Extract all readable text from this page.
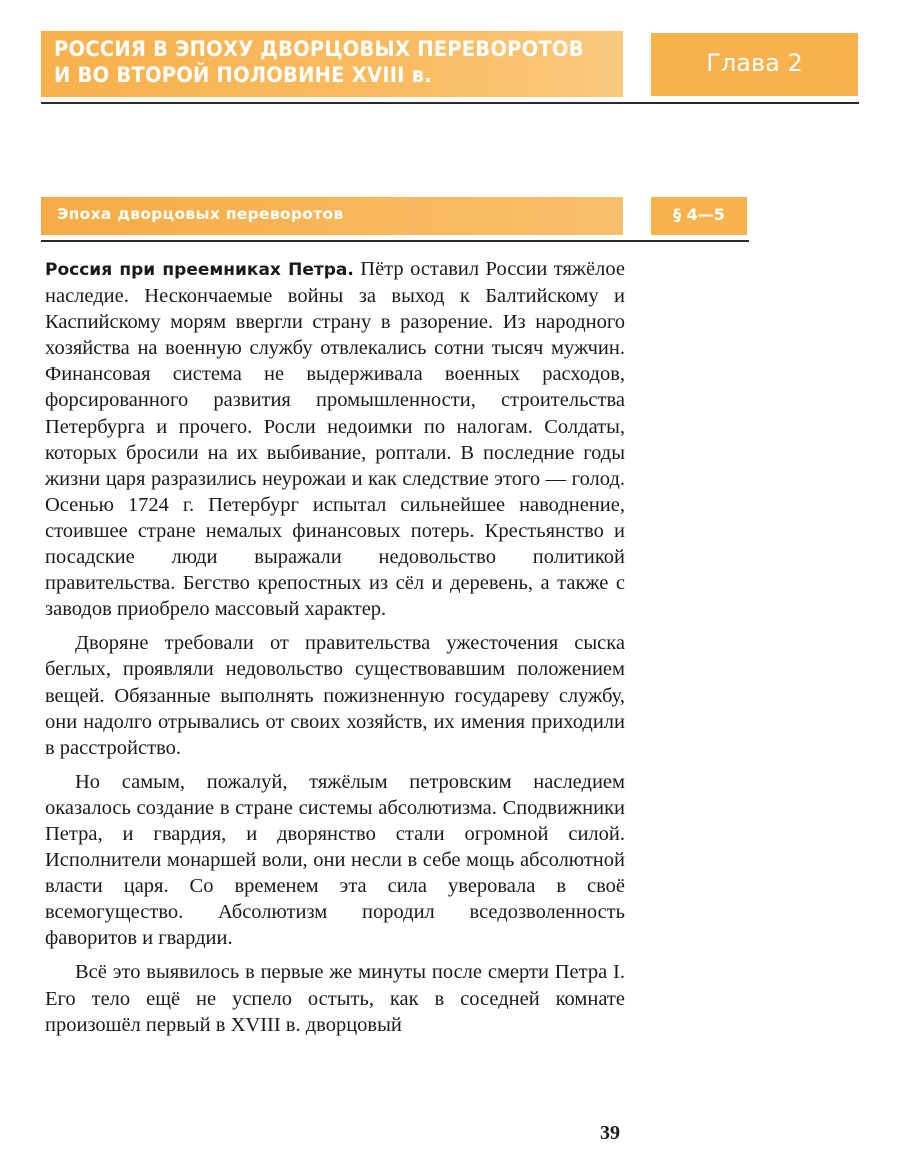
РОССИЯ В ЭПОХУ ДВОРЦОВЫХ ПЕРЕВОРОТОВ
И ВО ВТОРОЙ ПОЛОВИНЕ XVIII в.	Глава 2
Эпоха дворцовых переворотов	§ 4—5

Россия при преемниках Петра. Пётр оставил России тяжёлое наследие. Нескончаемые войны за выход к Балтийскому и Каспийскому морям ввергли страну в разорение. Из народного хозяйства на военную службу отвлекались сотни тысяч мужчин. Финансовая система не выдерживала военных расходов, форсированного развития промышленности, строительства Петербурга и прочего. Росли недоимки по налогам. Солдаты, которых бросили на их выбивание, роптали. В последние годы жизни царя разразились неурожаи и как следствие этого — голод. Осенью 1724 г. Петербург испытал сильнейшее наводнение, стоившее стране немалых финансовых потерь. Крестьянство и посадские люди выражали недовольство политикой правительства. Бегство крепостных из сёл и деревень, а также с заводов приобрело массовый характер.

Дворяне требовали от правительства ужесточения сыска беглых, проявляли недовольство существовавшим положением вещей. Обязанные выполнять пожизненную государеву службу, они надолго отрывались от своих хозяйств, их имения приходили в расстройство.

Но самым, пожалуй, тяжёлым петровским наследием оказалось создание в стране системы абсолютизма. Сподвижники Петра, и гвардия, и дворянство стали огромной силой. Исполнители монаршей воли, они несли в себе мощь абсолютной власти царя. Со временем эта сила уверовала в своё всемогущество. Абсолютизм породил вседозволенность фаворитов и гвардии.

Всё это выявилось в первые же минуты после смерти Петра I. Его тело ещё не успело остыть, как в соседней комнате произошёл первый в XVIII в. дворцовый

39
